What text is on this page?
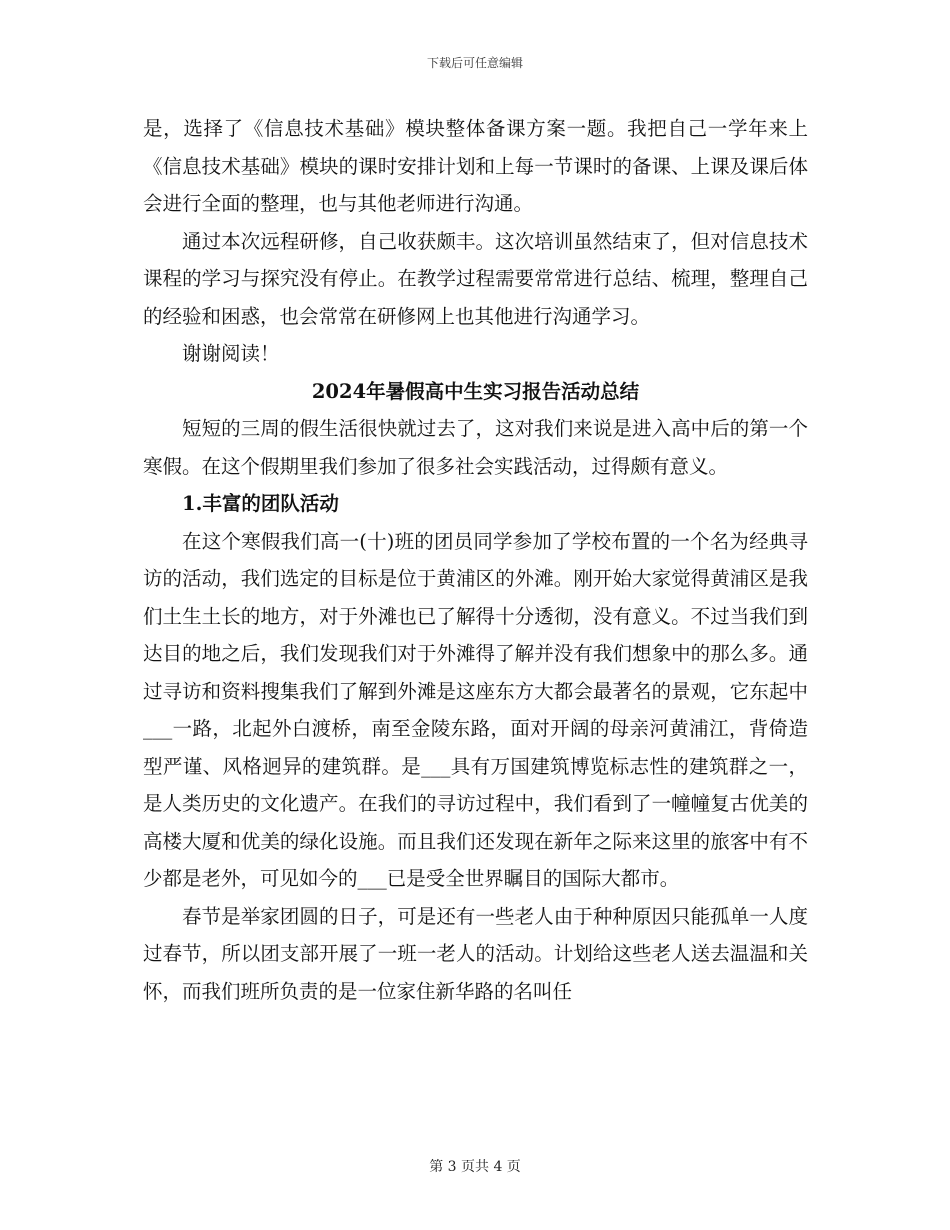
下载后可任意编辑

是，选择了《信息技术基础》模块整体备课方案一题。我把自己一学年来上《信息技术基础》模块的课时安排计划和上每一节课时的备课、上课及课后体会进行全面的整理，也与其他老师进行沟通。

通过本次远程研修，自己收获颇丰。这次培训虽然结束了，但对信息技术课程的学习与探究没有停止。在教学过程需要常常进行总结、梳理，整理自己的经验和困惑，也会常常在研修网上也其他进行沟通学习。

谢谢阅读！

2024年暑假高中生实习报告活动总结

短短的三周的假生活很快就过去了，这对我们来说是进入高中后的第一个寒假。在这个假期里我们参加了很多社会实践活动，过得颇有意义。

1.丰富的团队活动

在这个寒假我们高一(十)班的团员同学参加了学校布置的一个名为经典寻访的活动，我们选定的目标是位于黄浦区的外滩。刚开始大家觉得黄浦区是我们土生土长的地方，对于外滩也已了解得十分透彻，没有意义。不过当我们到达目的地之后，我们发现我们对于外滩得了解并没有我们想象中的那么多。通过寻访和资料搜集我们了解到外滩是这座东方大都会最著名的景观，它东起中___一路，北起外白渡桥，南至金陵东路，面对开阔的母亲河黄浦江，背倚造型严谨、风格迥异的建筑群。是___具有万国建筑博览标志性的建筑群之一，是人类历史的文化遗产。在我们的寻访过程中，我们看到了一幢幢复古优美的高楼大厦和优美的绿化设施。而且我们还发现在新年之际来这里的旅客中有不少都是老外，可见如今的___已是受全世界瞩目的国际大都市。

春节是举家团圆的日子，可是还有一些老人由于种种原因只能孤单一人度过春节，所以团支部开展了一班一老人的活动。计划给这些老人送去温温和关怀，而我们班所负责的是一位家住新华路的名叫任

第 3 页共 4 页
